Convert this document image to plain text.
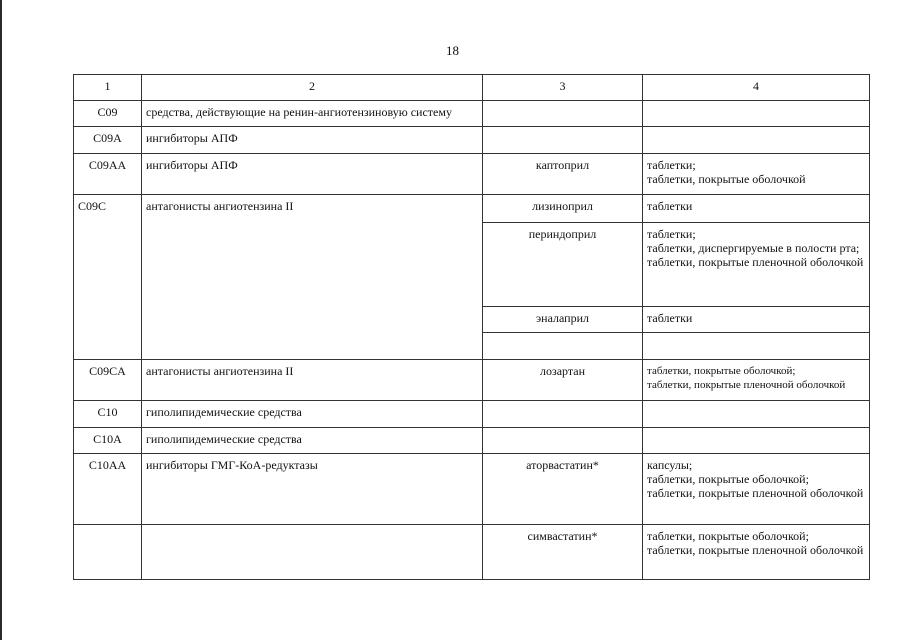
18
1	2	3	4
C09	средства, действующие на ренин-ангиотензиновую систему		
C09A	ингибиторы АПФ		
C09AA	ингибиторы АПФ	каптоприл	таблетки;
таблетки, покрытые оболочкой

C09C	антагонисты ангиотензина II	лизиноприл	таблетки

		периндоприл	таблетки;
таблетки, диспергируемые в полости рта;
таблетки, покрытые пленочной оболочкой

		эналаприл	таблетки

C09CA	антагонисты ангиотензина II	лозартан	таблетки, покрытые оболочкой;
таблетки, покрытые пленочной оболочкой

C10	гиполипидемические средства		
C10A	гиполипидемические средства		
C10AA	ингибиторы ГМГ-КоА-редуктазы	аторвастатин*	капсулы;
таблетки, покрытые оболочкой;
таблетки, покрытые пленочной оболочкой

		симвастатин*	таблетки, покрытые оболочкой;
таблетки, покрытые пленочной оболочкой
